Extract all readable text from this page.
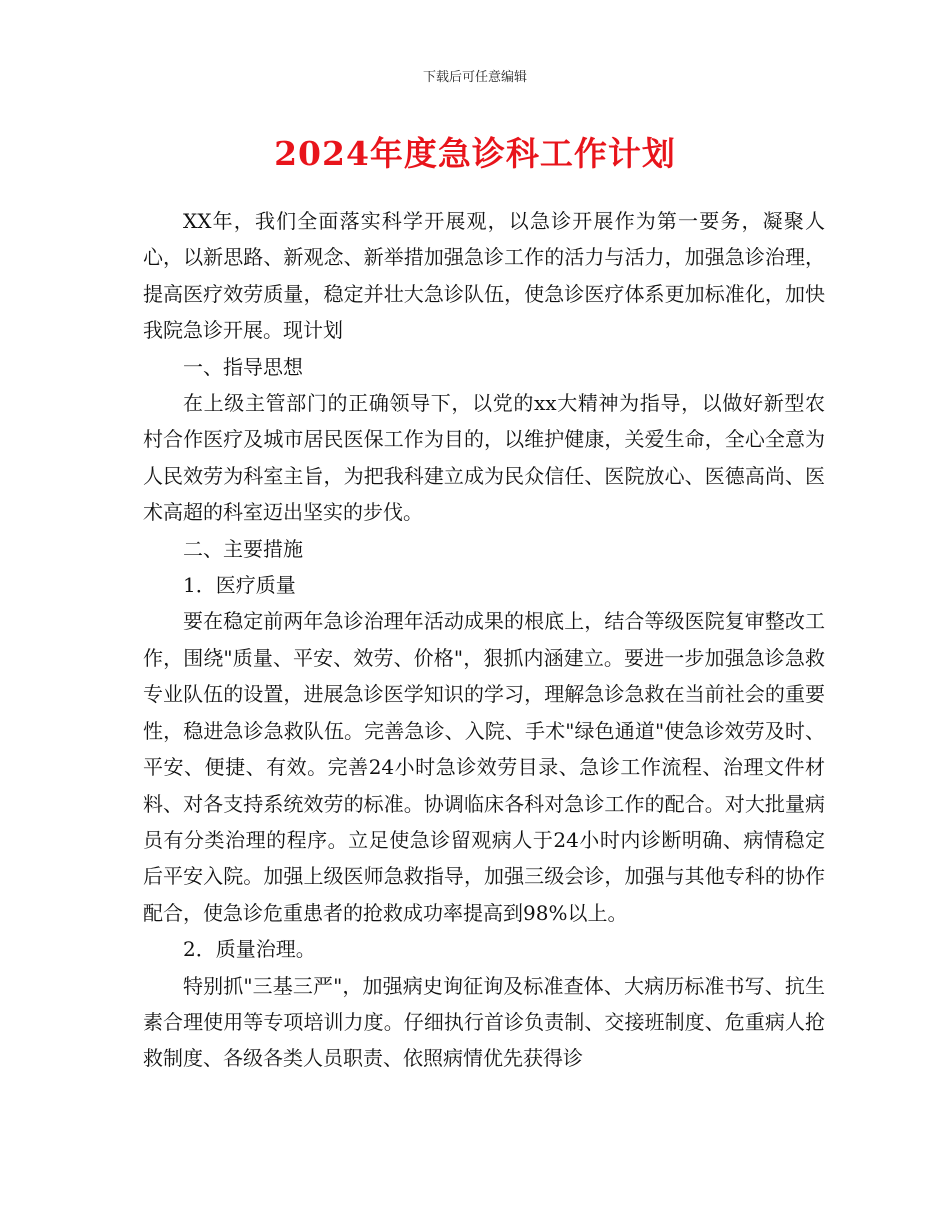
下载后可任意编辑
2024年度急诊科工作计划

XX年，我们全面落实科学开展观，以急诊开展作为第一要务，凝聚人心，以新思路、新观念、新举措加强急诊工作的活力与活力，加强急诊治理，提高医疗效劳质量，稳定并壮大急诊队伍，使急诊医疗体系更加标准化，加快我院急诊开展。现计划

一、指导思想

在上级主管部门的正确领导下，以党的xx大精神为指导，以做好新型农村合作医疗及城市居民医保工作为目的，以维护健康，关爱生命，全心全意为人民效劳为科室主旨，为把我科建立成为民众信任、医院放心、医德高尚、医术高超的科室迈出坚实的步伐。

二、主要措施

1．医疗质量

要在稳定前两年急诊治理年活动成果的根底上，结合等级医院复审整改工作，围绕"质量、平安、效劳、价格"，狠抓内涵建立。要进一步加强急诊急救专业队伍的设置，进展急诊医学知识的学习，理解急诊急救在当前社会的重要性，稳进急诊急救队伍。完善急诊、入院、手术"绿色通道"使急诊效劳及时、平安、便捷、有效。完善24小时急诊效劳目录、急诊工作流程、治理文件材料、对各支持系统效劳的标准。协调临床各科对急诊工作的配合。对大批量病员有分类治理的程序。立足使急诊留观病人于24小时内诊断明确、病情稳定后平安入院。加强上级医师急救指导，加强三级会诊，加强与其他专科的协作配合，使急诊危重患者的抢救成功率提高到98%以上。

2．质量治理。

特别抓"三基三严"，加强病史询征询及标准查体、大病历标准书写、抗生素合理使用等专项培训力度。仔细执行首诊负责制、交接班制度、危重病人抢救制度、各级各类人员职责、依照病情优先获得诊
